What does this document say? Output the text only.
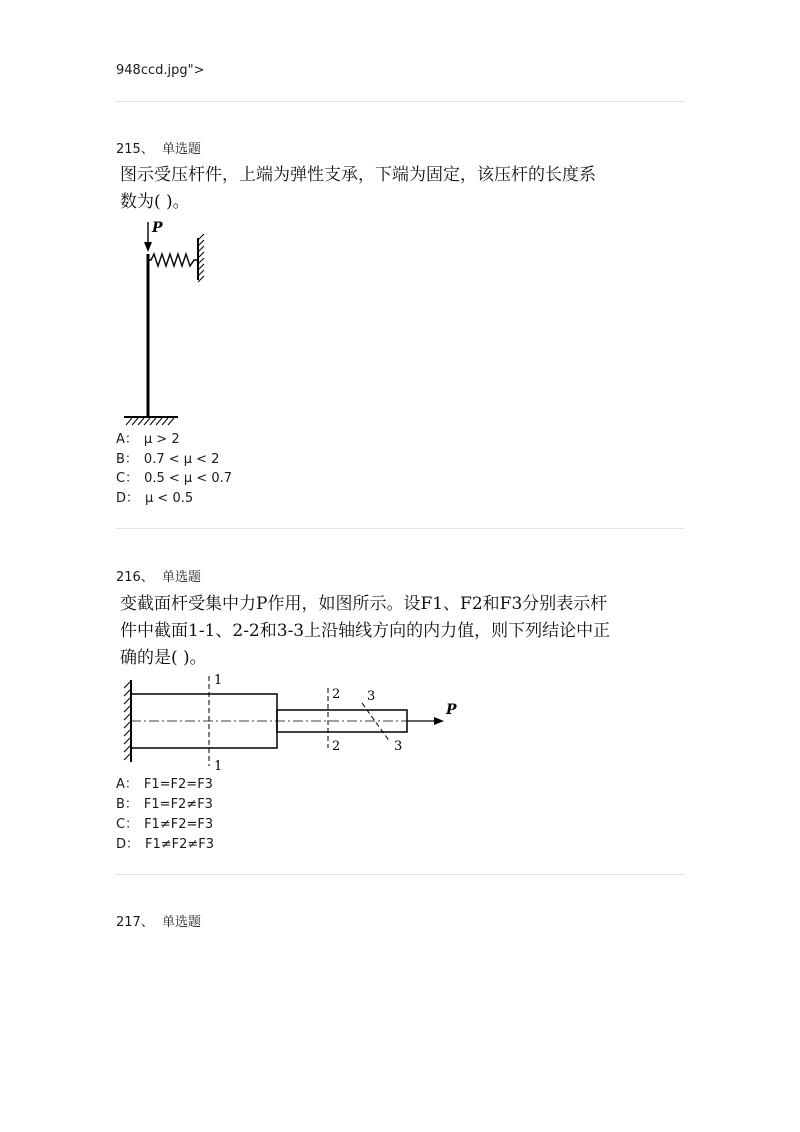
948ccd.jpg">
215、 单选题
图示受压杆件，上端为弹性支承，下端为固定，该压杆的长度系
数为( )。
P
A： μ > 2
B： 0.7 < μ < 2
C： 0.5 < μ < 0.7
D： μ < 0.5
216、 单选题
变截面杆受集中力P作用，如图所示。设F1、F2和F3分别表示杆
件中截面1-1、2-2和3-3上沿轴线方向的内力值，则下列结论中正
确的是( )。
P
1
1
2
2
3
3
A： F1=F2=F3
B： F1=F2≠F3
C： F1≠F2=F3
D： F1≠F2≠F3
217、 单选题
